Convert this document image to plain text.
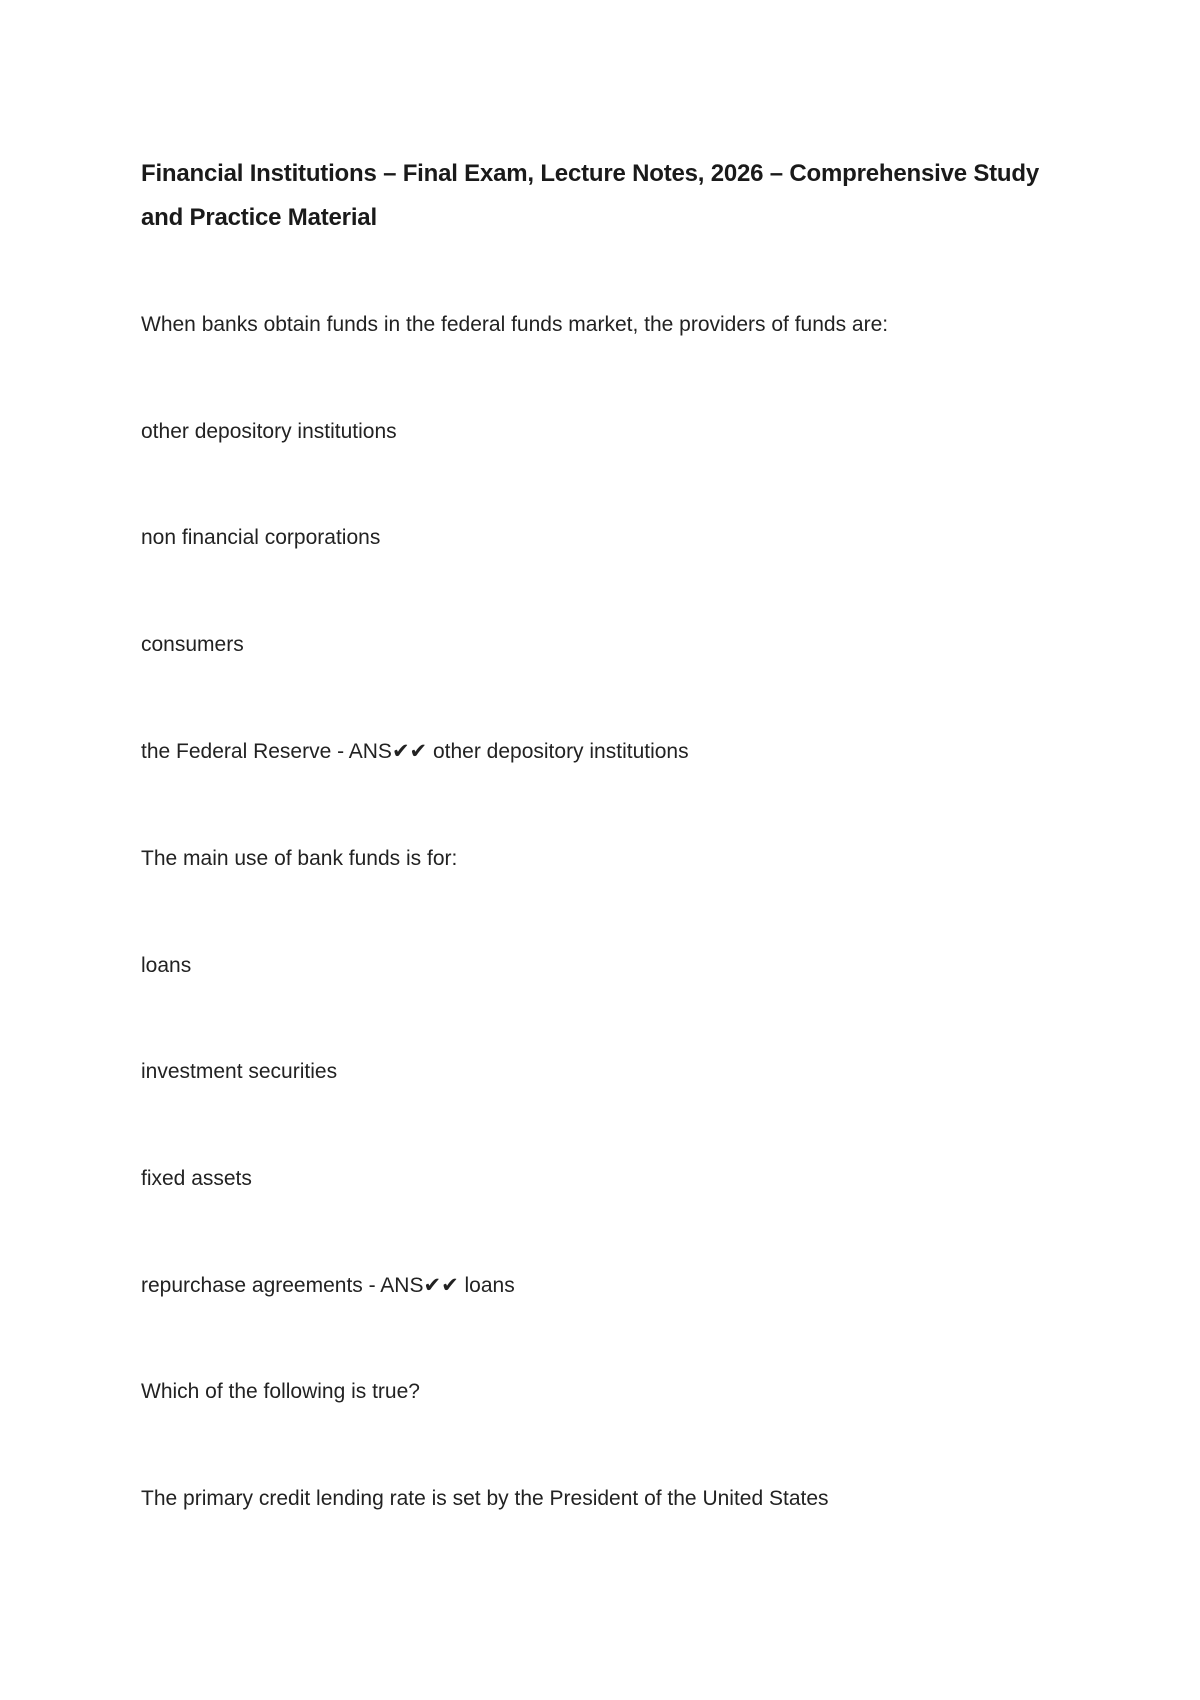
Financial Institutions – Final Exam, Lecture Notes, 2026 – Comprehensive Study and Practice Material

When banks obtain funds in the federal funds market, the providers of funds are:

other depository institutions

non financial corporations

consumers

the Federal Reserve - ANS✔✔ other depository institutions

The main use of bank funds is for:

loans

investment securities

fixed assets

repurchase agreements - ANS✔✔ loans

Which of the following is true?

The primary credit lending rate is set by the President of the United States
